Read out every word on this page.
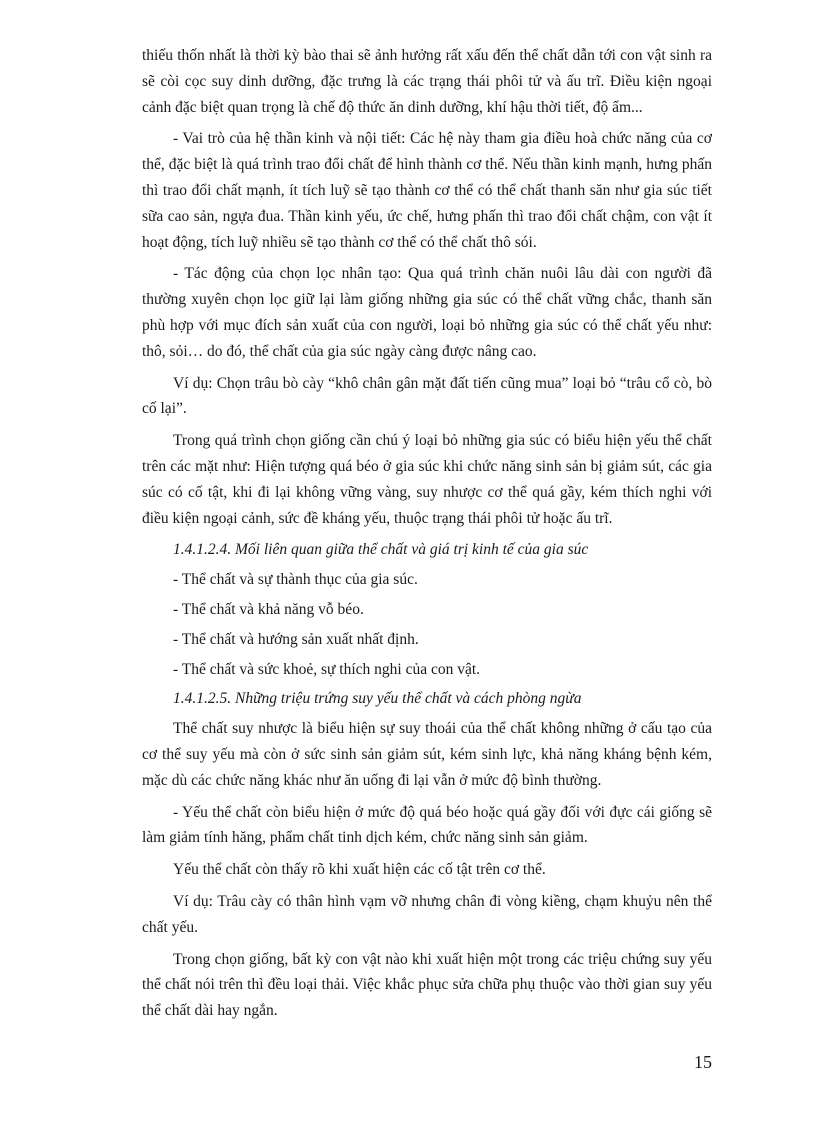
thiếu thốn nhất là thời kỳ bào thai sẽ ảnh hưởng rất xấu đến thể chất dẫn tới con vật sinh ra sẽ còi cọc suy dinh dưỡng, đặc trưng là các trạng thái phôi tử và ấu trĩ. Điều kiện ngoại cảnh đặc biệt quan trọng là chế độ thức ăn dinh dưỡng, khí hậu thời tiết, độ ẩm...

- Vai trò của hệ thần kinh và nội tiết: Các hệ này tham gia điều hoà chức năng của cơ thể, đặc biệt là quá trình trao đổi chất để hình thành cơ thể. Nếu thần kinh mạnh, hưng phấn thì trao đổi chất mạnh, ít tích luỹ sẽ tạo thành cơ thể có thể chất thanh săn như gia súc tiết sữa cao sản, ngựa đua. Thần kinh yếu, ức chế, hưng phấn thì trao đổi chất chậm, con vật ít hoạt động, tích luỹ nhiều sẽ tạo thành cơ thể có thể chất thô sói.

- Tác động của chọn lọc nhân tạo: Qua quá trình chăn nuôi lâu dài con người đã thường xuyên chọn lọc giữ lại làm giống những gia súc có thể chất vững chắc, thanh săn phù hợp với mục đích sản xuất của con người, loại bỏ những gia súc có thể chất yếu như: thô, sỏi… do đó, thể chất của gia súc ngày càng được nâng cao.

Ví dụ: Chọn trâu bò cày “khô chân gân mặt đất tiến cũng mua” loại bỏ “trâu cổ cò, bò cố lại”.

Trong quá trình chọn giống cần chú ý loại bỏ những gia súc có biểu hiện yếu thể chất trên các mặt như: Hiện tượng quá béo ở gia súc khi chức năng sinh sản bị giảm sút, các gia súc có cố tật, khi đi lại không vững vàng, suy nhược cơ thể quá gầy, kém thích nghi với điều kiện ngoại cảnh, sức đề kháng yếu, thuộc trạng thái phôi tử hoặc ấu trĩ.

1.4.1.2.4. Mối liên quan giữa thể chất và giá trị kinh tế của gia súc

- Thể chất và sự thành thục của gia súc.

- Thể chất và khả năng vỗ béo.

- Thể chất và hướng sản xuất nhất định.

- Thể chất và sức khoẻ, sự thích nghi của con vật.

1.4.1.2.5. Những triệu trứng suy yếu thể chất và cách phòng ngừa

Thể chất suy nhược là biểu hiện sự suy thoái của thể chất không những ở cấu tạo của cơ thể suy yếu mà còn ở sức sinh sản giảm sút, kém sinh lực, khả năng kháng bệnh kém, mặc dù các chức năng khác như ăn uống đi lại vẫn ở mức độ bình thường.

- Yếu thể chất còn biểu hiện ở mức độ quá béo hoặc quá gầy đối với đực cái giống sẽ làm giảm tính hăng, phẩm chất tinh dịch kém, chức năng sinh sản giảm.

Yếu thể chất còn thấy rõ khi xuất hiện các cố tật trên cơ thể.

Ví dụ: Trâu cày có thân hình vạm vỡ nhưng chân đi vòng kiềng, chạm khuỷu nên thể chất yếu.

Trong chọn giống, bất kỳ con vật nào khi xuất hiện một trong các triệu chứng suy yếu thể chất nói trên thì đều loại thải. Việc khắc phục sửa chữa phụ thuộc vào thời gian suy yếu thể chất dài hay ngắn.

15
